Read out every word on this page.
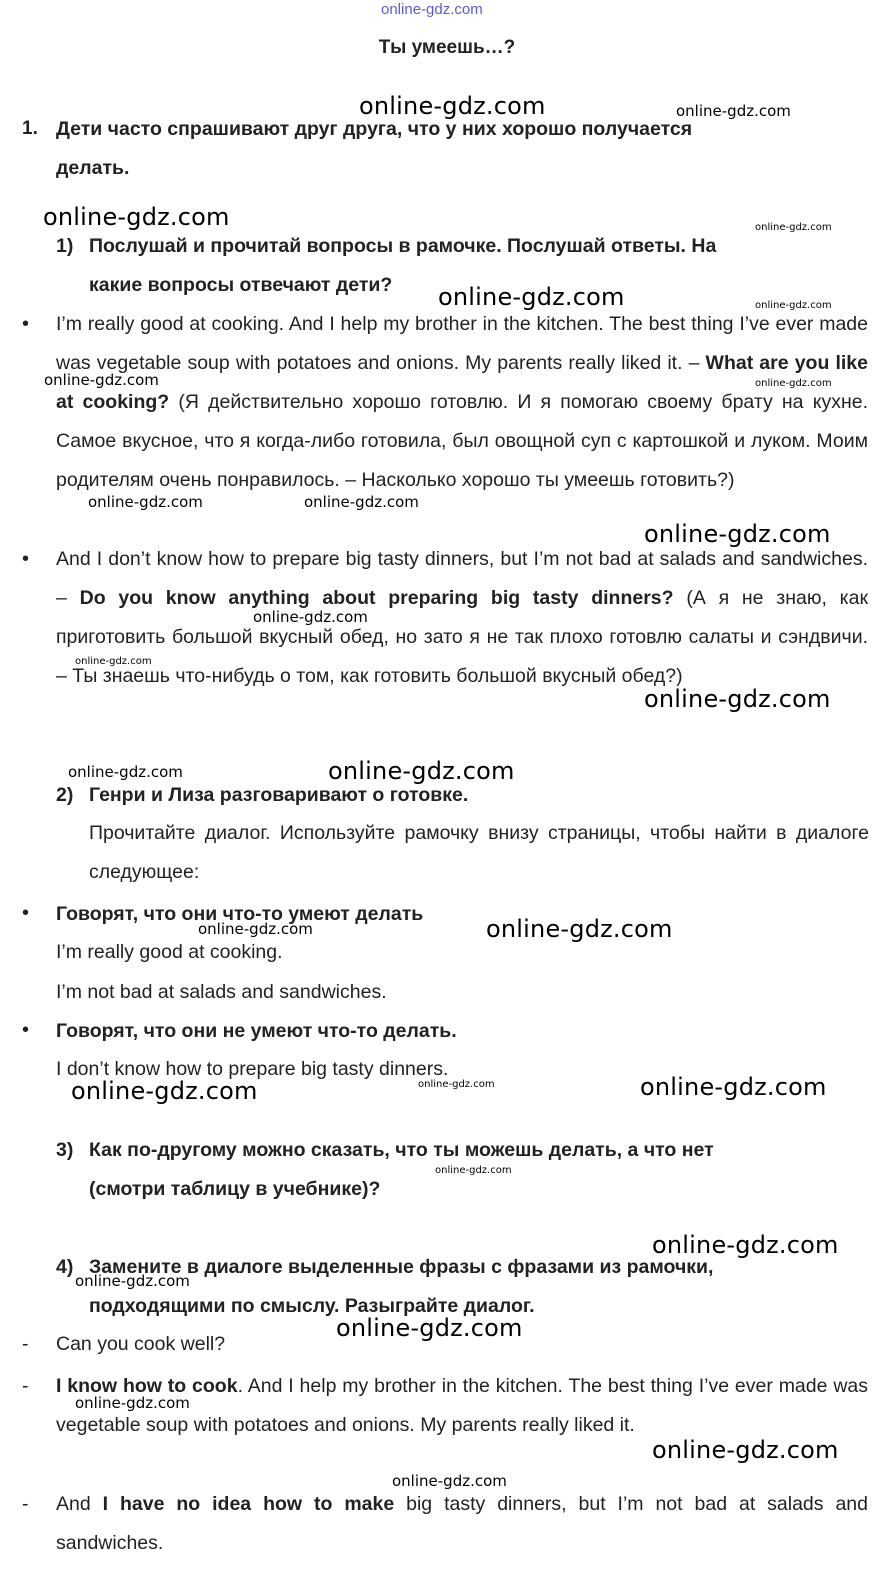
online-gdz.com
Ты умеешь…?
1. Дети часто спрашивают друг друга, что у них хорошо получается
делать.
1) Послушай и прочитай вопросы в рамочке. Послушай ответы. На
какие вопросы отвечают дети?
• I’m really good at cooking. And I help my brother in the kitchen. The best thing I’ve ever made was vegetable soup with potatoes and onions. My parents really liked it. – What are you like at cooking? (Я действительно хорошо готовлю. И я помогаю своему брату на кухне. Самое вкусное, что я когда-либо готовила, был овощной суп с картошкой и луком. Моим родителям очень понравилось. – Насколько хорошо ты умеешь готовить?)
• And I don’t know how to prepare big tasty dinners, but I’m not bad at salads and sandwiches. – Do you know anything about preparing big tasty dinners? (А я не знаю, как приготовить большой вкусный обед, но зато я не так плохо готовлю салаты и сэндвичи. – Ты знаешь что-нибудь о том, как готовить большой вкусный обед?)
2) Генри и Лиза разговаривают о готовке.
Прочитайте диалог. Используйте рамочку внизу страницы, чтобы найти в диалоге следующее:
• Говорят, что они что-то умеют делать
I’m really good at cooking.
I’m not bad at salads and sandwiches.
• Говорят, что они не умеют что-то делать.
I don’t know how to prepare big tasty dinners.
3) Как по-другому можно сказать, что ты можешь делать, а что нет
(смотри таблицу в учебнике)?
4) Замените в диалоге выделенные фразы с фразами из рамочки,
подходящими по смыслу. Разыграйте диалог.
- Can you cook well?
- I know how to cook. And I help my brother in the kitchen. The best thing I’ve ever made was vegetable soup with potatoes and onions. My parents really liked it.
- And I have no idea how to make big tasty dinners, but I’m not bad at salads and sandwiches.
online-gdz.com	online-gdz.com
online-gdz.com	online-gdz.com
online-gdz.com	online-gdz.com
online-gdz.com	online-gdz.com
online-gdz.com	online-gdz.com
online-gdz.com
online-gdz.com
online-gdz.com
online-gdz.com
online-gdz.com	online-gdz.com
online-gdz.com	online-gdz.com
online-gdz.com	online-gdz.com	online-gdz.com
online-gdz.com
online-gdz.com
online-gdz.com
online-gdz.com
online-gdz.com
online-gdz.com
online-gdz.com
